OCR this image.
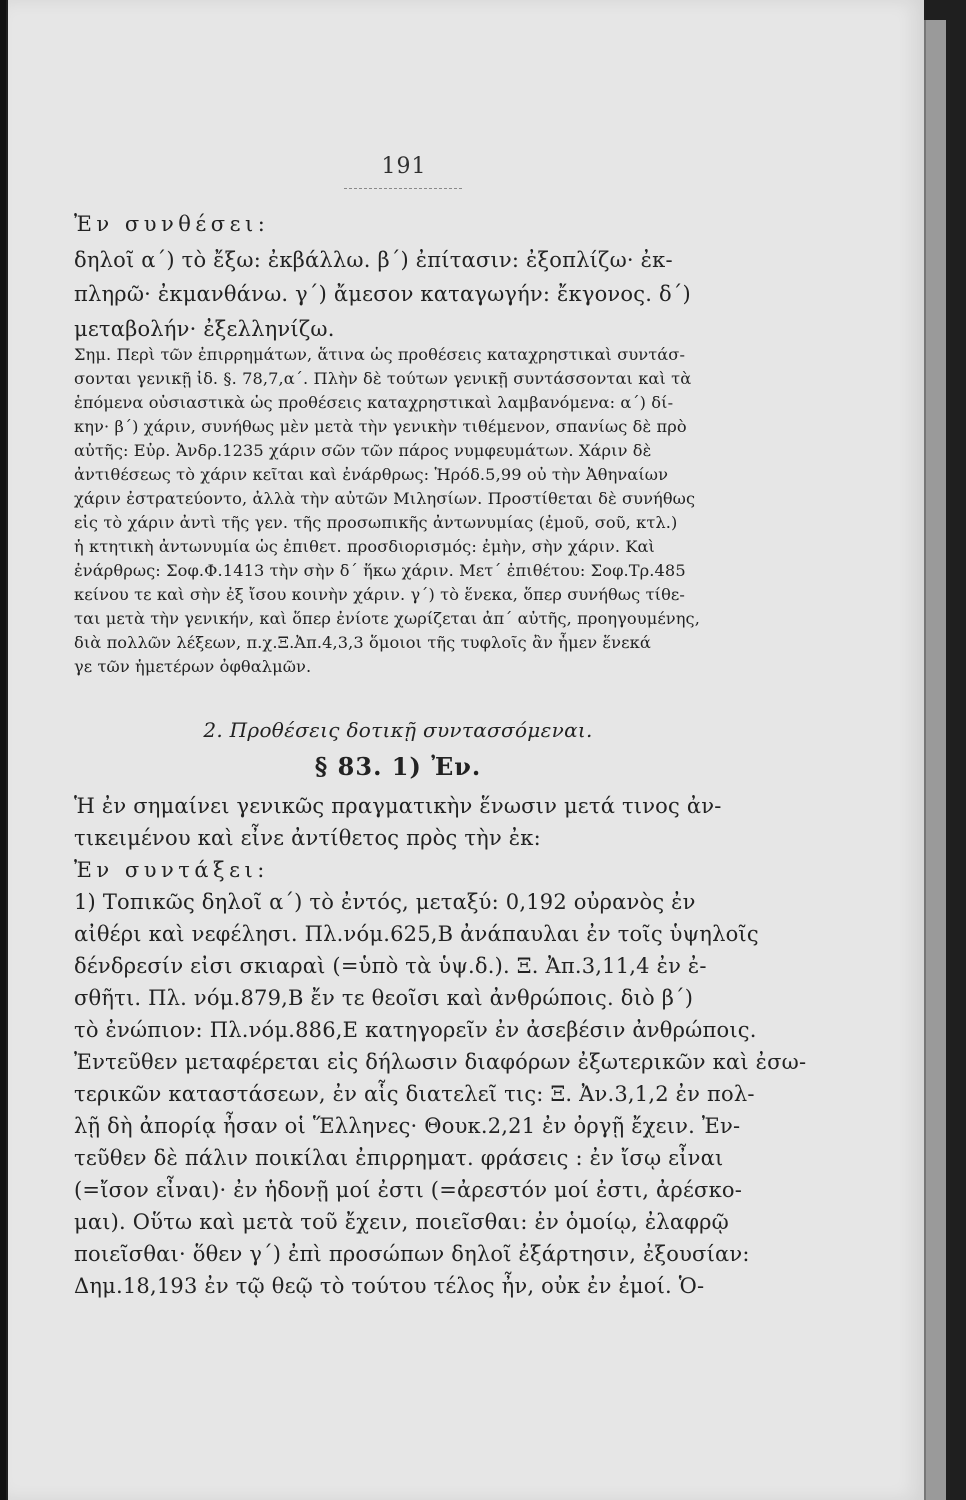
191
Ἐν συνθέσει:
δηλοῖ α΄) τὸ ἔξω: ἐκβάλλω. β΄) ἐπίτασιν: ἐξοπλίζω· ἐκ-
πληρῶ· ἐκμανθάνω. γ΄) ἄμεσον καταγωγήν: ἔκγονος. δ΄)
μεταβολήν· ἐξελληνίζω.
Σημ. Περὶ τῶν ἐπιρρημάτων, ἅτινα ὡς προθέσεις καταχρηστικαὶ συντάσ-
σονται γενικῇ ἰδ. §. 78,7,α΄. Πλὴν δὲ τούτων γενικῇ συντάσσονται καὶ τὰ
ἑπόμενα οὐσιαστικὰ ὡς προθέσεις καταχρηστικαὶ λαμβανόμενα: α΄) δί-
κην· β΄) χάριν, συνήθως μὲν μετὰ τὴν γενικὴν τιθέμενον, σπανίως δὲ πρὸ
αὐτῆς: Εὐρ. Ἀνδρ.1235 χάριν σῶν τῶν πάρος νυμφευμάτων. Χάριν δὲ
ἀντιθέσεως τὸ χάριν κεῖται καὶ ἐνάρθρως: Ἡρόδ.5,99 οὐ τὴν Ἀθηναίων
χάριν ἐστρατεύοντο, ἀλλὰ τὴν αὐτῶν Μιλησίων. Προστίθεται δὲ συνήθως
εἰς τὸ χάριν ἀντὶ τῆς γεν. τῆς προσωπικῆς ἀντωνυμίας (ἐμοῦ, σοῦ, κτλ.)
ἡ κτητικὴ ἀντωνυμία ὡς ἐπιθετ. προσδιορισμός: ἐμὴν, σὴν χάριν. Καὶ
ἐνάρθρως: Σοφ.Φ.1413 τὴν σὴν δ΄ ἥκω χάριν. Μετ΄ ἐπιθέτου: Σοφ.Τρ.485
κείνου τε καὶ σὴν ἐξ ἴσου κοινὴν χάριν. γ΄) τὸ ἕνεκα, ὅπερ συνήθως τίθε-
ται μετὰ τὴν γενικήν, καὶ ὅπερ ἐνίοτε χωρίζεται ἀπ΄ αὐτῆς, προηγουμένης,
διὰ πολλῶν λέξεων, π.χ.Ξ.Ἀπ.4,3,3 ὅμοιοι τῆς τυφλοῖς ἂν ἦμεν ἕνεκά
γε τῶν ἡμετέρων ὀφθαλμῶν.
2. Προθέσεις δοτικῇ συντασσόμεναι.
§ 83. 1) Ἐν.
Ἡ ἐν σημαίνει γενικῶς πραγματικὴν ἕνωσιν μετά τινος ἀν-
τικειμένου καὶ εἶνε ἀντίθετος πρὸς τὴν ἐκ:
Ἐν συντάξει:
1) Τοπικῶς δηλοῖ α΄) τὸ ἐντός, μεταξύ: 0,192 οὐρανὸς ἐν
αἰθέρι καὶ νεφέλησι. Πλ.νόμ.625,Β ἀνάπαυλαι ἐν τοῖς ὑψηλοῖς
δένδρεσίν εἰσι σκιαραὶ (=ὑπὸ τὰ ὑψ.δ.). Ξ. Ἀπ.3,11,4 ἐν ἐ-
σθῆτι. Πλ. νόμ.879,Β ἔν τε θεοῖσι καὶ ἀνθρώποις. διὸ β΄)
τὸ ἐνώπιον: Πλ.νόμ.886,Ε κατηγορεῖν ἐν ἀσεβέσιν ἀνθρώποις.
Ἐντεῦθεν μεταφέρεται εἰς δήλωσιν διαφόρων ἐξωτερικῶν καὶ ἐσω-
τερικῶν καταστάσεων, ἐν αἷς διατελεῖ τις: Ξ. Ἀν.3,1,2 ἐν πολ-
λῇ δὴ ἀπορίᾳ ἦσαν οἱ Ἕλληνες· Θουκ.2,21 ἐν ὀργῇ ἔχειν. Ἐν-
τεῦθεν δὲ πάλιν ποικίλαι ἐπιρρηματ. φράσεις : ἐν ἴσῳ εἶναι
(=ἴσον εἶναι)· ἐν ἡδονῇ μοί ἐστι (=ἀρεστόν μοί ἐστι, ἀρέσκο-
μαι). Οὕτω καὶ μετὰ τοῦ ἔχειν, ποιεῖσθαι: ἐν ὁμοίῳ, ἐλαφρῷ
ποιεῖσθαι· ὅθεν γ΄) ἐπὶ προσώπων δηλοῖ ἐξάρτησιν, ἐξουσίαν:
Δημ.18,193 ἐν τῷ θεῷ τὸ τούτου τέλος ἦν, οὐκ ἐν ἐμοί. Ὁ-
